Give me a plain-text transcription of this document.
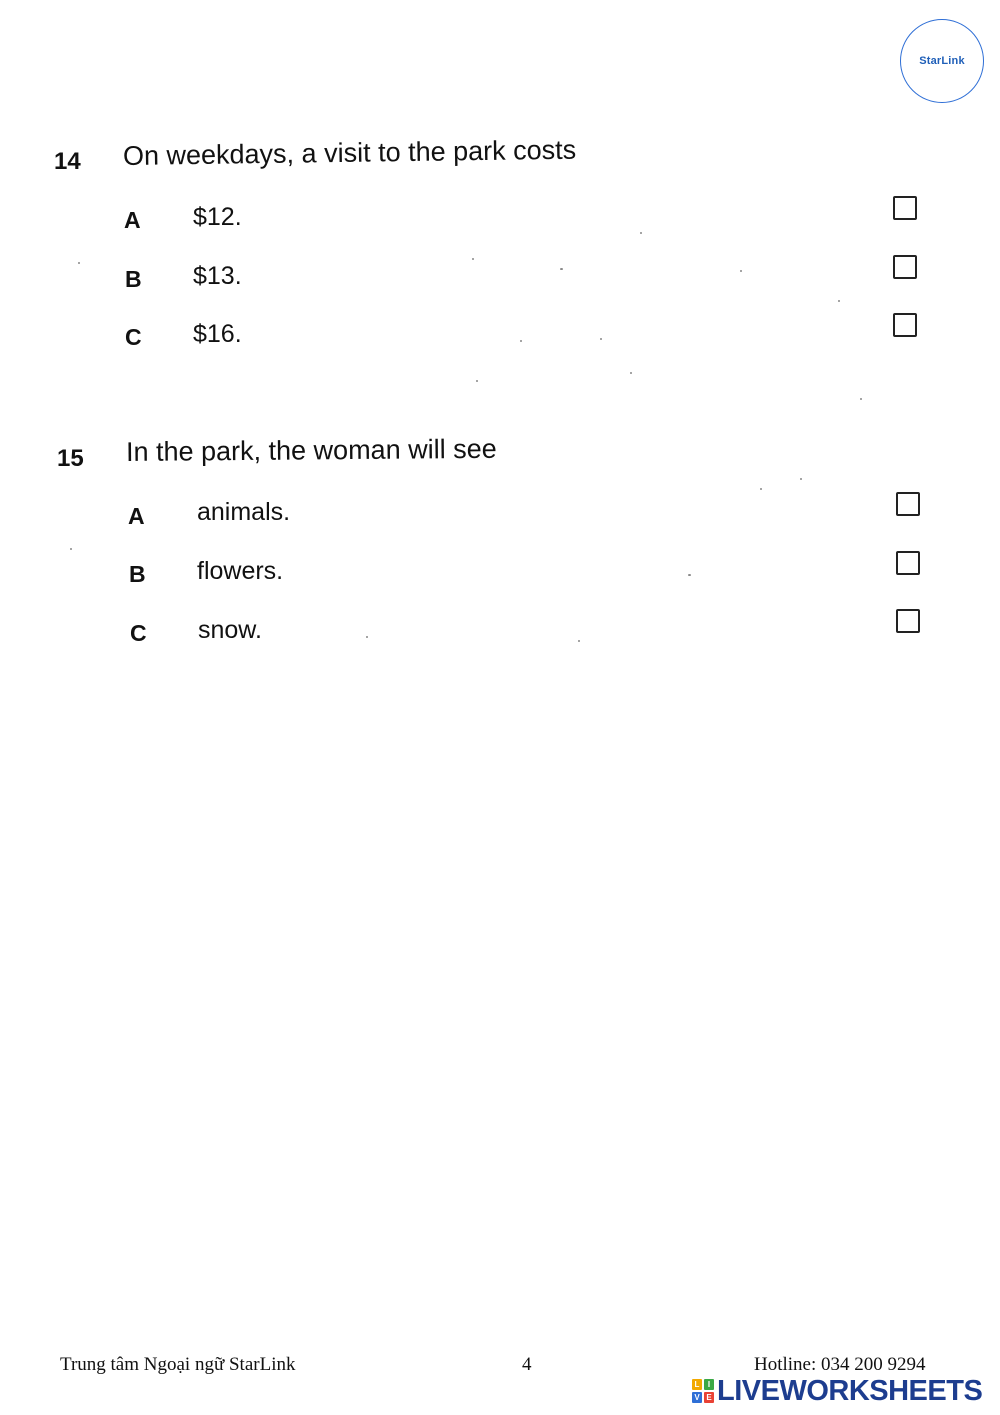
StarLink
14 On weekdays, a visit to the park costs
A $12.
B $13.
C $16.
15 In the park, the woman will see
A animals.
B flowers.
C snow.
Trung tâm Ngoại ngữ StarLink	4	Hotline: 034 200 9294
L	I
V E LIVEWORKSHEETS
